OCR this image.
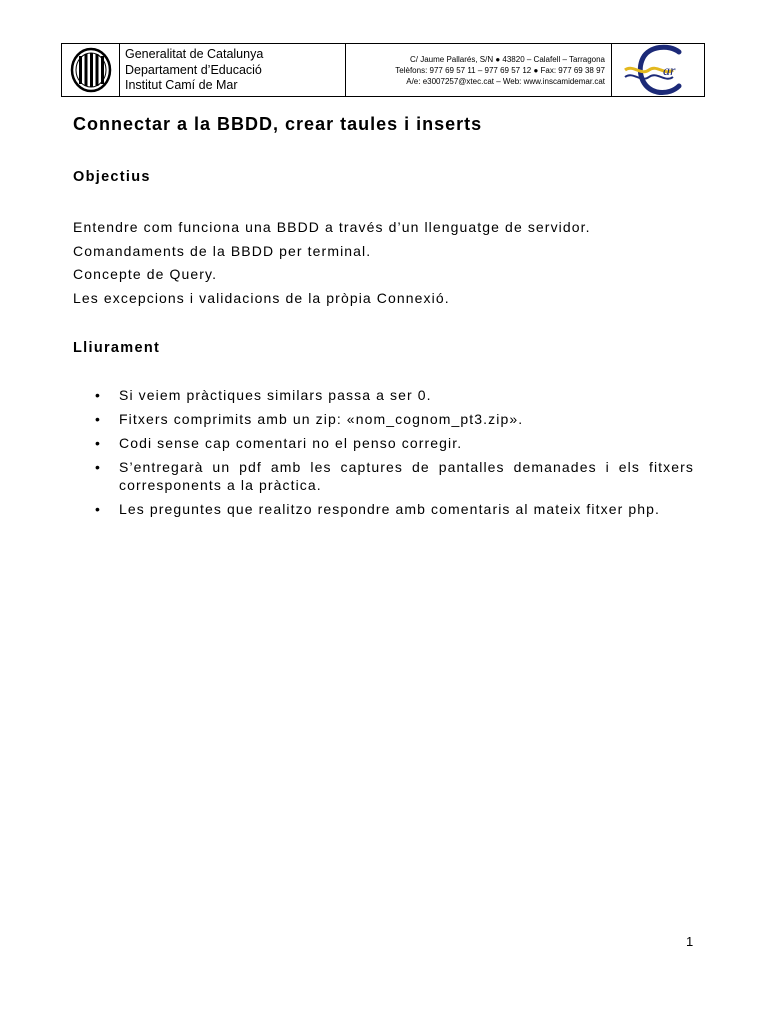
Generalitat de Catalunya
Departament d’Educació
Institut Camí de Mar
C/ Jaume Pallarés, S/N ● 43820 – Calafell – Tarragona
Telèfons: 977 69 57 11 – 977 69 57 12 ● Fax: 977 69 38 97
A/e: e3007257@xtec.cat – Web: www.inscamidemar.cat
ar
Connectar a la BBDD, crear taules i inserts
Objectius
Entendre com funciona una BBDD a través d’un llenguatge de servidor.
Comandaments de la BBDD per terminal.
Concepte de Query.
Les excepcions i validacions de la pròpia Connexió.
Lliurament
• Si veiem pràctiques similars passa a ser 0.
• Fitxers comprimits amb un zip: «nom_cognom_pt3.zip».
• Codi sense cap comentari no el penso corregir.
• S’entregarà un pdf amb les captures de pantalles demanades i els fitxers corresponents a la pràctica.
• Les preguntes que realitzo respondre amb comentaris al mateix fitxer php.
1
